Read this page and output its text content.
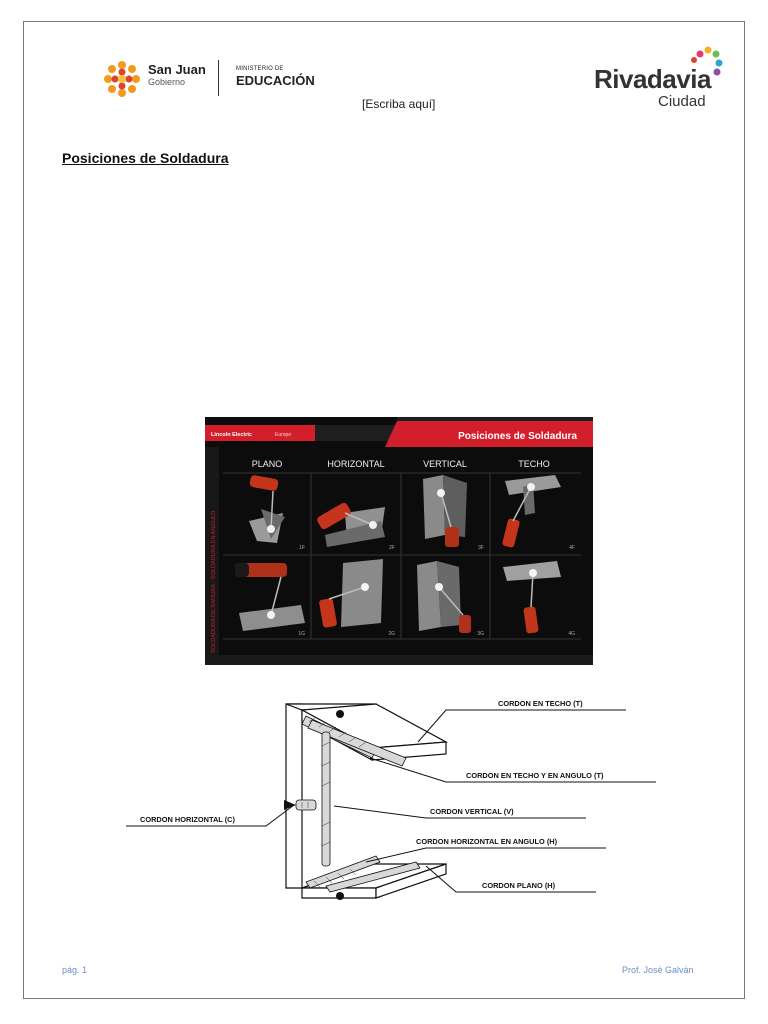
San Juan
Gobierno
MINISTERIO DE
EDUCACIÓN
[Escriba aquí]
Rivadavia
Ciudad
Posiciones de Soldadura
Lincoln Electric	Europe	Posiciones de Soldadura
SOLDADURA DE RANURA - SOLDADURA EN ANGULO
PLANO	HORIZONTAL	VERTICAL	TECHO
1F	2F	3F	4F
1G	2G	3G	4G
CORDON EN TECHO (T)
CORDON EN TECHO Y EN ANGULO (T)
CORDON VERTICAL (V)
CORDON HORIZONTAL EN ANGULO (H)
CORDON PLANO (H)
CORDON HORIZONTAL (C)
pág. 1	Prof. José Galván
